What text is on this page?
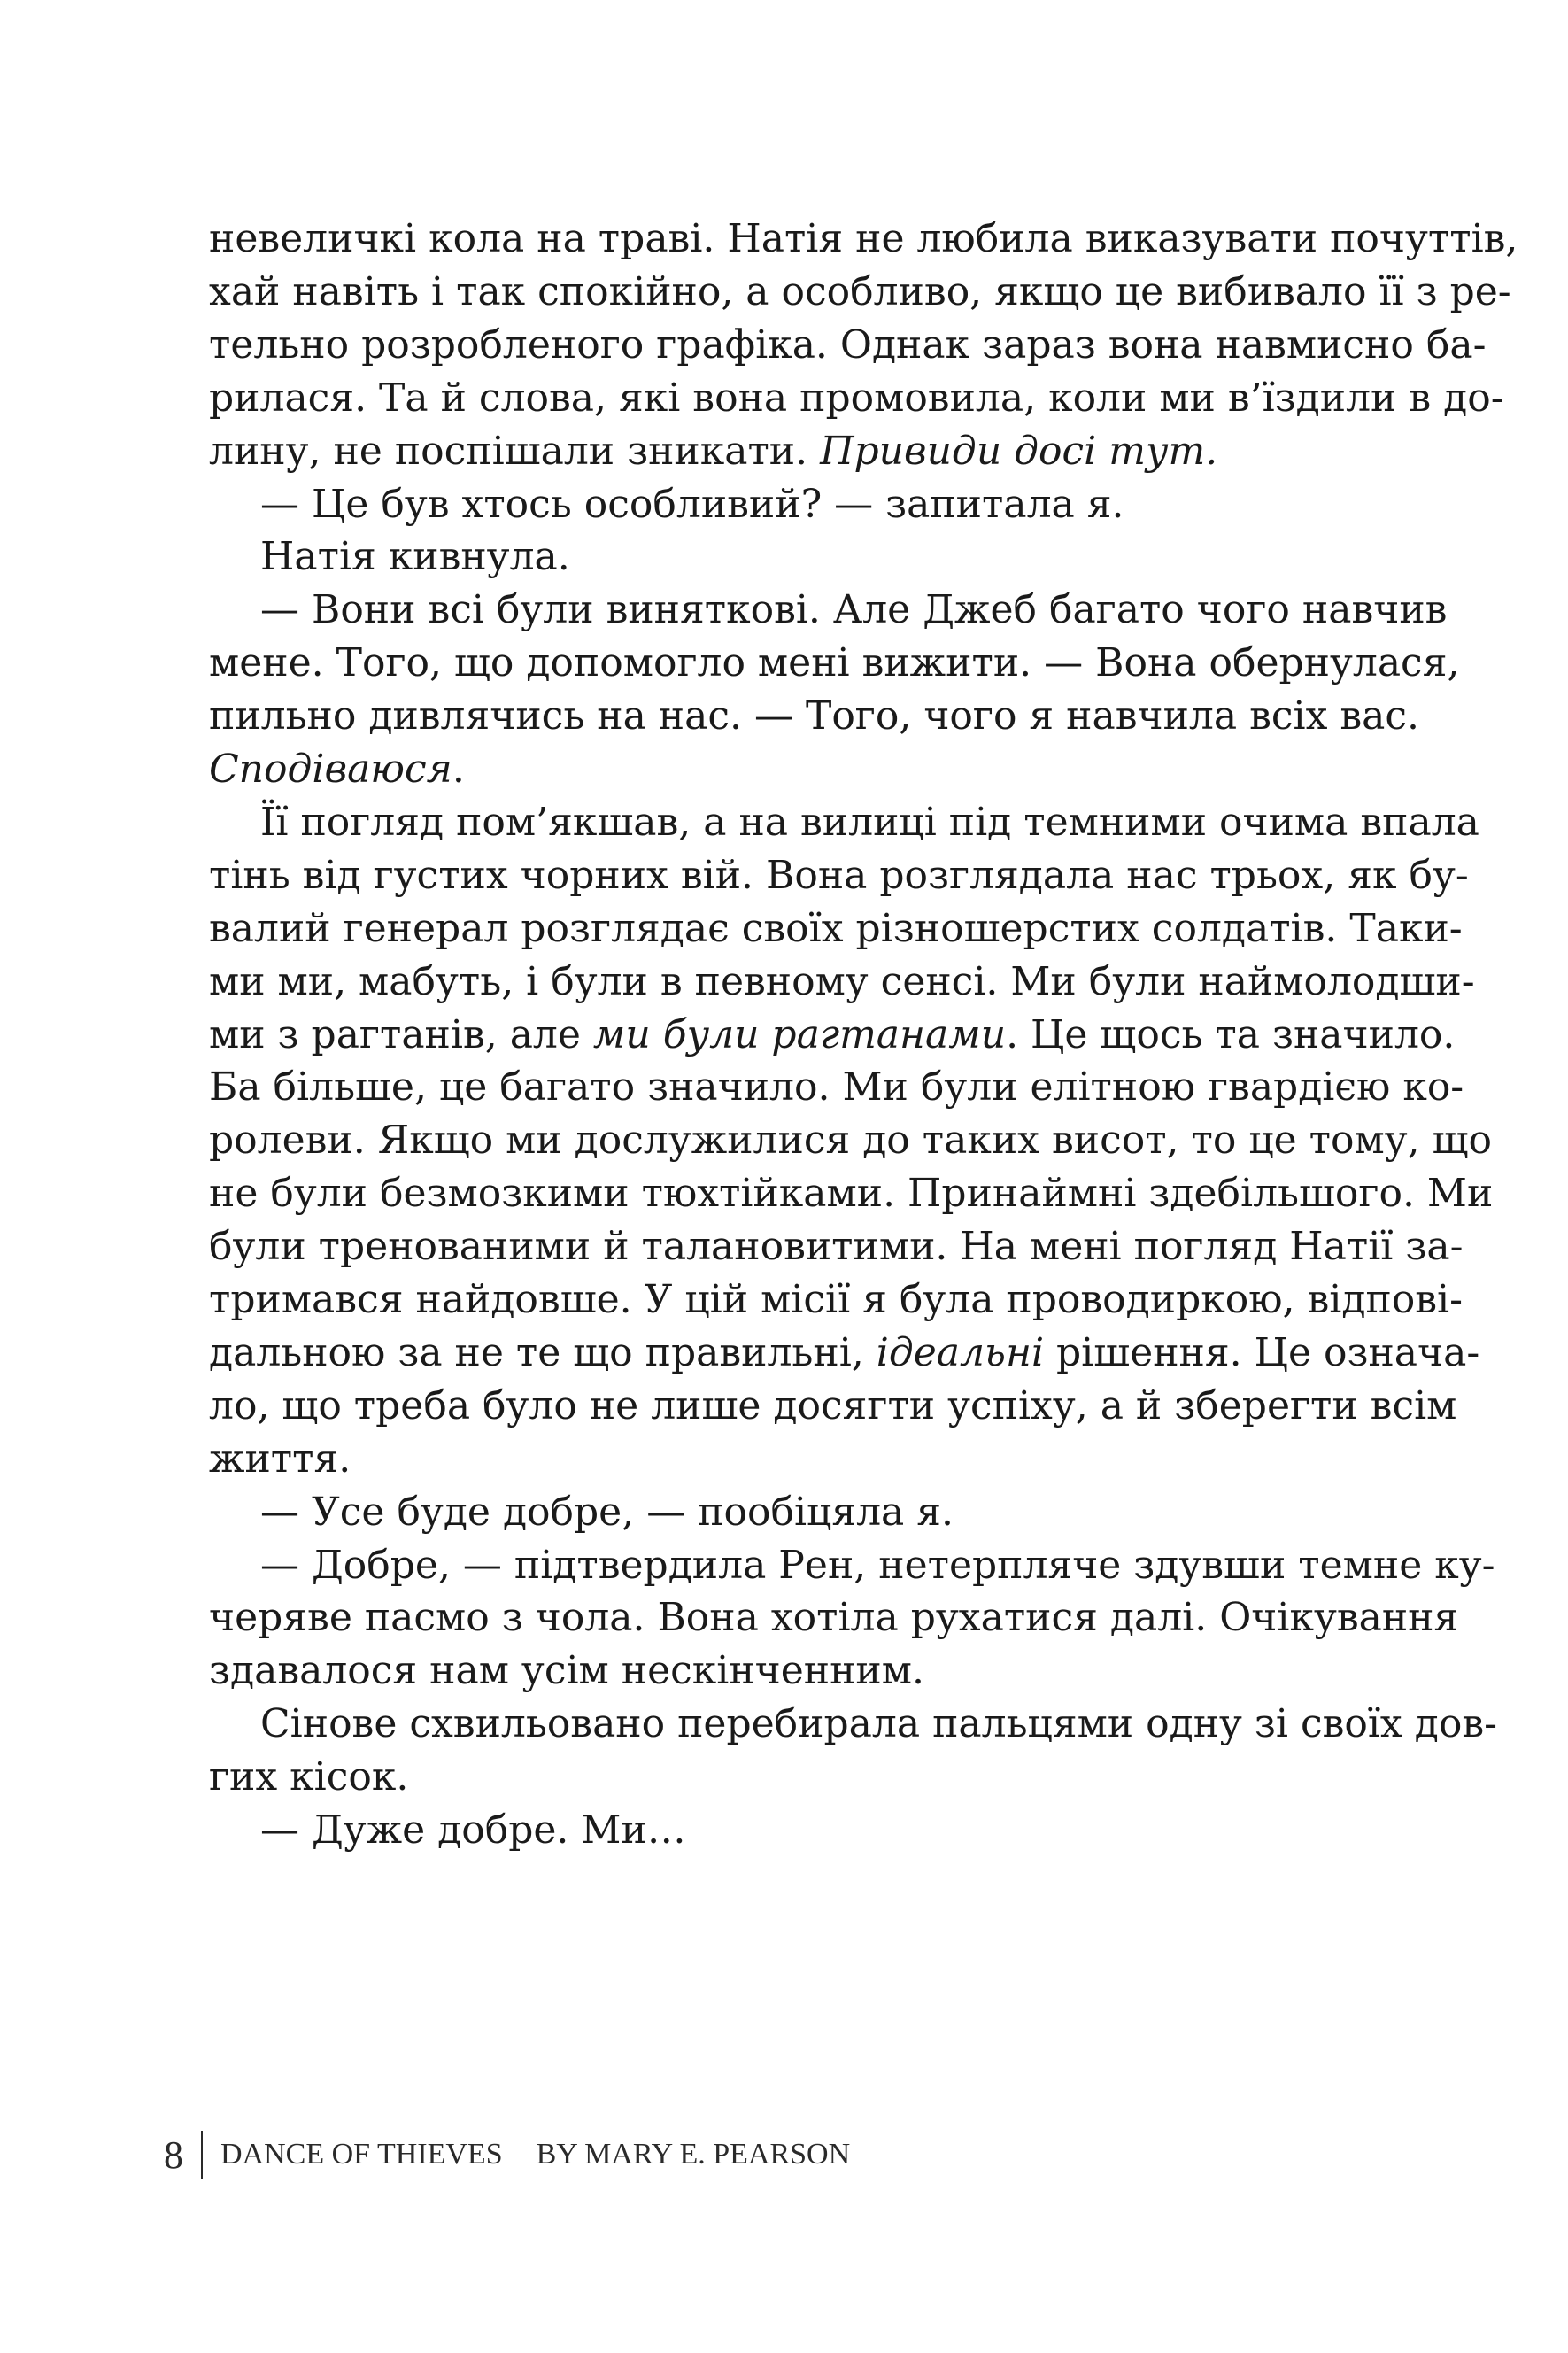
невеличкі кола на траві. Натія не любила виказувати почуттів,
хай навіть і так спокійно, а особливо, якщо це вибивало її з ре-
тельно розробленого графіка. Однак зараз вона навмисно ба-
рилася. Та й слова, які вона промовила, коли ми в’їздили в до-
лину, не поспішали зникати. Привиди досі тут.
— Це був хтось особливий? — запитала я.
Натія кивнула.
— Вони всі були виняткові. Але Джеб багато чого навчив
мене. Того, що допомогло мені вижити. — Вона обернулася,
пильно дивлячись на нас. — Того, чого я навчила всіх вас.
Сподіваюся.
Її погляд пом’якшав, а на вилиці під темними очима впала
тінь від густих чорних вій. Вона розглядала нас трьох, як бу-
валий генерал розглядає своїх різношерстих солдатів. Таки-
ми ми, мабуть, і були в певному сенсі. Ми були наймолодши-
ми з рагтанів, але ми були рагтанами. Це щось та значило.
Ба більше, це багато значило. Ми були елітною гвардією ко-
ролеви. Якщо ми дослужилися до таких висот, то це тому, що
не були безмозкими тюхтійками. Принаймні здебільшого. Ми
були тренованими й талановитими. На мені погляд Натії за-
тримався найдовше. У цій місії я була проводиркою, відпові-
дальною за не те що правильні, ідеальні рішення. Це означа-
ло, що треба було не лише досягти успіху, а й зберегти всім
життя.
— Усе буде добре, — пообіцяла я.
— Добре, — підтвердила Рен, нетерпляче здувши темне ку-
черяве пасмо з чола. Вона хотіла рухатися далі. Очікування
здавалося нам усім нескінченним.
Сінове схвильовано перебирала пальцями одну зі своїх дов-
гих кісок.
— Дуже добре. Ми…
8 DANCE OF THIEVES BY MARY E. PEARSON
